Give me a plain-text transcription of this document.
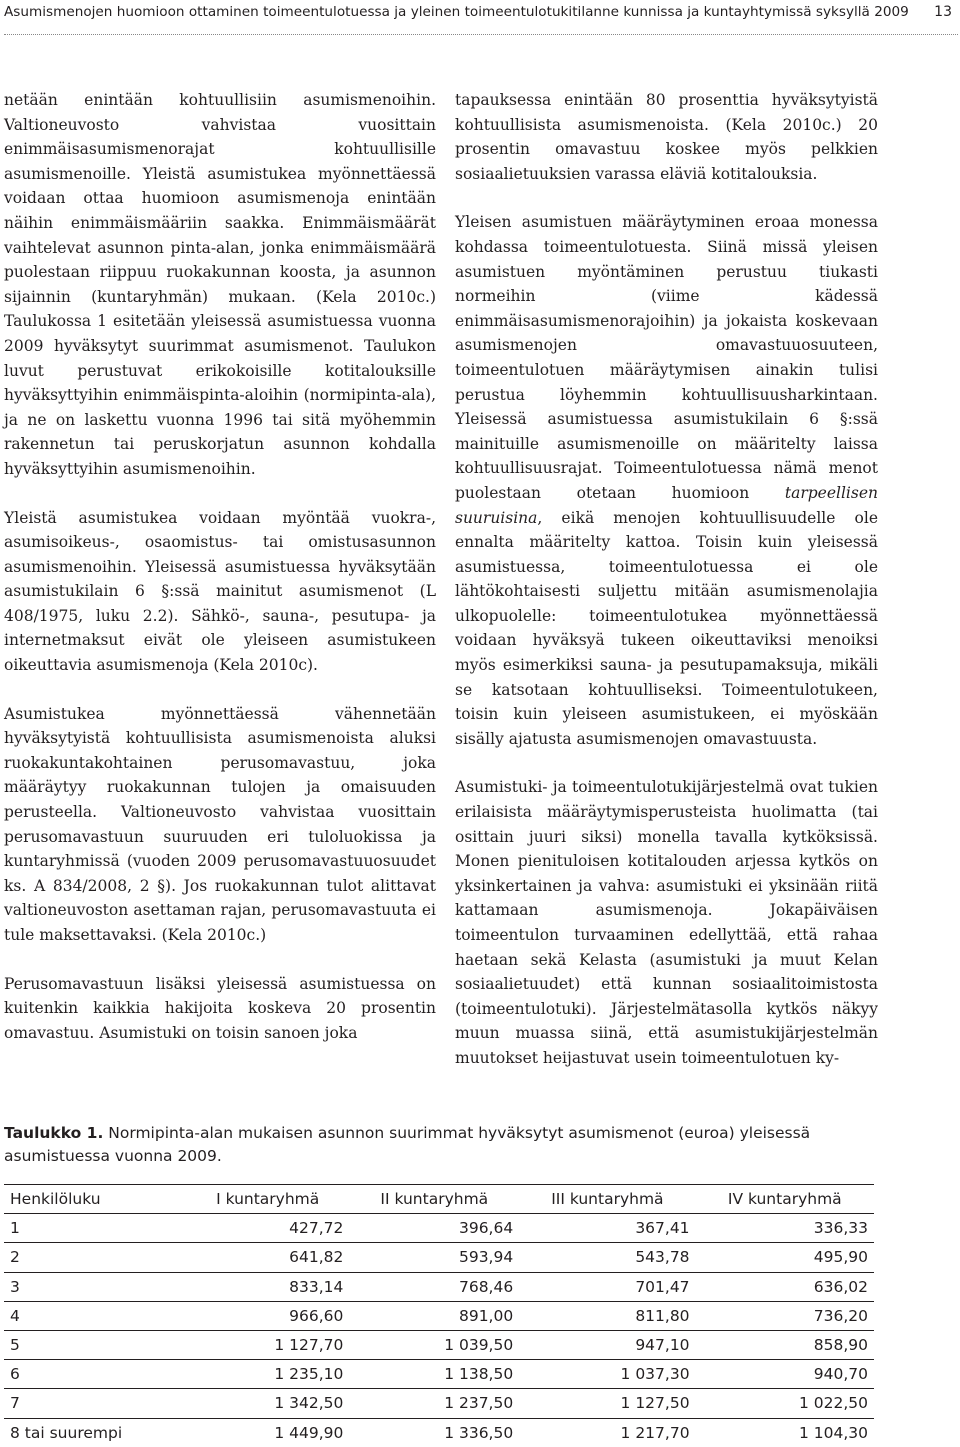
Asumismenojen huomioon ottaminen toimeentulotuessa ja yleinen toimeentulotukitilanne kunnissa ja kuntayhtymissä syksyllä 2009 13

netään enintään kohtuullisiin asumismenoihin. Valtioneuvosto vahvistaa vuosittain enimmäisasumismenorajat kohtuullisille asumismenoille. Yleistä asumistukea myönnettäessä voidaan ottaa huomioon asumismenoja enintään näihin enimmäismääriin saakka. Enimmäismäärät vaihtelevat asunnon pinta-alan, jonka enimmäismäärä puolestaan riippuu ruokakunnan koosta, ja asunnon sijainnin (kuntaryhmän) mukaan. (Kela 2010c.) Taulukossa 1 esitetään yleisessä asumistuessa vuonna 2009 hyväksytyt suurimmat asumismenot. Taulukon luvut perustuvat erikokoisille kotitalouksille hyväksyttyihin enimmäispinta-aloihin (normipinta-ala), ja ne on laskettu vuonna 1996 tai sitä myöhemmin rakennetun tai peruskorjatun asunnon kohdalla hyväksyttyihin asumismenoihin.

Yleistä asumistukea voidaan myöntää vuokra-, asumisoikeus-, osaomistus- tai omistusasunnon asumismenoihin. Yleisessä asumistuessa hyväksytään asumistukilain 6 §:ssä mainitut asumismenot (L 408/1975, luku 2.2). Sähkö-, sauna-, pesutupa- ja internetmaksut eivät ole yleiseen asumistukeen oikeuttavia asumismenoja (Kela 2010c).

Asumistukea myönnettäessä vähennetään hyväksytyistä kohtuullisista asumismenoista aluksi ruokakuntakohtainen perusomavastuu, joka määräytyy ruokakunnan tulojen ja omaisuuden perusteella. Valtioneuvosto vahvistaa vuosittain perusomavastuun suuruuden eri tuloluokissa ja kuntaryhmissä (vuoden 2009 perusomavastuuosuudet ks. A 834/2008, 2 §). Jos ruokakunnan tulot alittavat valtioneuvoston asettaman rajan, perusomavastuuta ei tule maksettavaksi. (Kela 2010c.)

Perusomavastuun lisäksi yleisessä asumistuessa on kuitenkin kaikkia hakijoita koskeva 20 prosentin omavastuu. Asumistuki on toisin sanoen joka

tapauksessa enintään 80 prosenttia hyväksytyistä kohtuullisista asumismenoista. (Kela 2010c.) 20 prosentin omavastuu koskee myös pelkkien sosiaalietuuksien varassa eläviä kotitalouksia.

Yleisen asumistuen määräytyminen eroaa monessa kohdassa toimeentulotuesta. Siinä missä yleisen asumistuen myöntäminen perustuu tiukasti normeihin (viime kädessä enimmäisasumismenorajoihin) ja jokaista koskevaan asumismenojen omavastuuosuuteen, toimeentulotuen määräytymisen ainakin tulisi perustua löyhemmin kohtuullisuusharkintaan. Yleisessä asumistuessa asumistukilain 6 §:ssä mainituille asumismenoille on määritelty laissa kohtuullisuusrajat. Toimeentulotuessa nämä menot puolestaan otetaan huomioon tarpeellisen suuruisina, eikä menojen kohtuullisuudelle ole ennalta määritelty kattoa. Toisin kuin yleisessä asumistuessa, toimeentulotuessa ei ole lähtökohtaisesti suljettu mitään asumismenolajia ulkopuolelle: toimeentulotukea myönnettäessä voidaan hyväksyä tukeen oikeuttaviksi menoiksi myös esimerkiksi sauna- ja pesutupamaksuja, mikäli se katsotaan kohtuulliseksi. Toimeentulotukeen, toisin kuin yleiseen asumistukeen, ei myöskään sisälly ajatusta asumismenojen omavastuusta.

Asumistuki- ja toimeentulotukijärjestelmä ovat tukien erilaisista määräytymisperusteista huolimatta (tai osittain juuri siksi) monella tavalla kytköksissä. Monen pienituloisen kotitalouden arjessa kytkös on yksinkertainen ja vahva: asumistuki ei yksinään riitä kattamaan asumismenoja. Jokapäiväisen toimeentulon turvaaminen edellyttää, että rahaa haetaan sekä Kelasta (asumistuki ja muut Kelan sosiaalietuudet) että kunnan sosiaalitoimistosta (toimeentulotuki). Järjestelmätasolla kytkös näkyy muun muassa siinä, että asumistukijärjestelmän muutokset heijastuvat usein toimeentulotuen ky-

Taulukko 1. Normipinta-alan mukaisen asunnon suurimmat hyväksytyt asumismenot (euroa) yleisessä asumistuessa vuonna 2009.
Henkilöluku	I kuntaryhmä	II kuntaryhmä	III kuntaryhmä	IV kuntaryhmä
1	427,72	396,64	367,41	336,33
2	641,82	593,94	543,78	495,90
3	833,14	768,46	701,47	636,02
4	966,60	891,00	811,80	736,20
5	1 127,70	1 039,50	947,10	858,90
6	1 235,10	1 138,50	1 037,30	940,70
7	1 342,50	1 237,50	1 127,50	1 022,50
8 tai suurempi	1 449,90	1 336,50	1 217,70	1 104,30
